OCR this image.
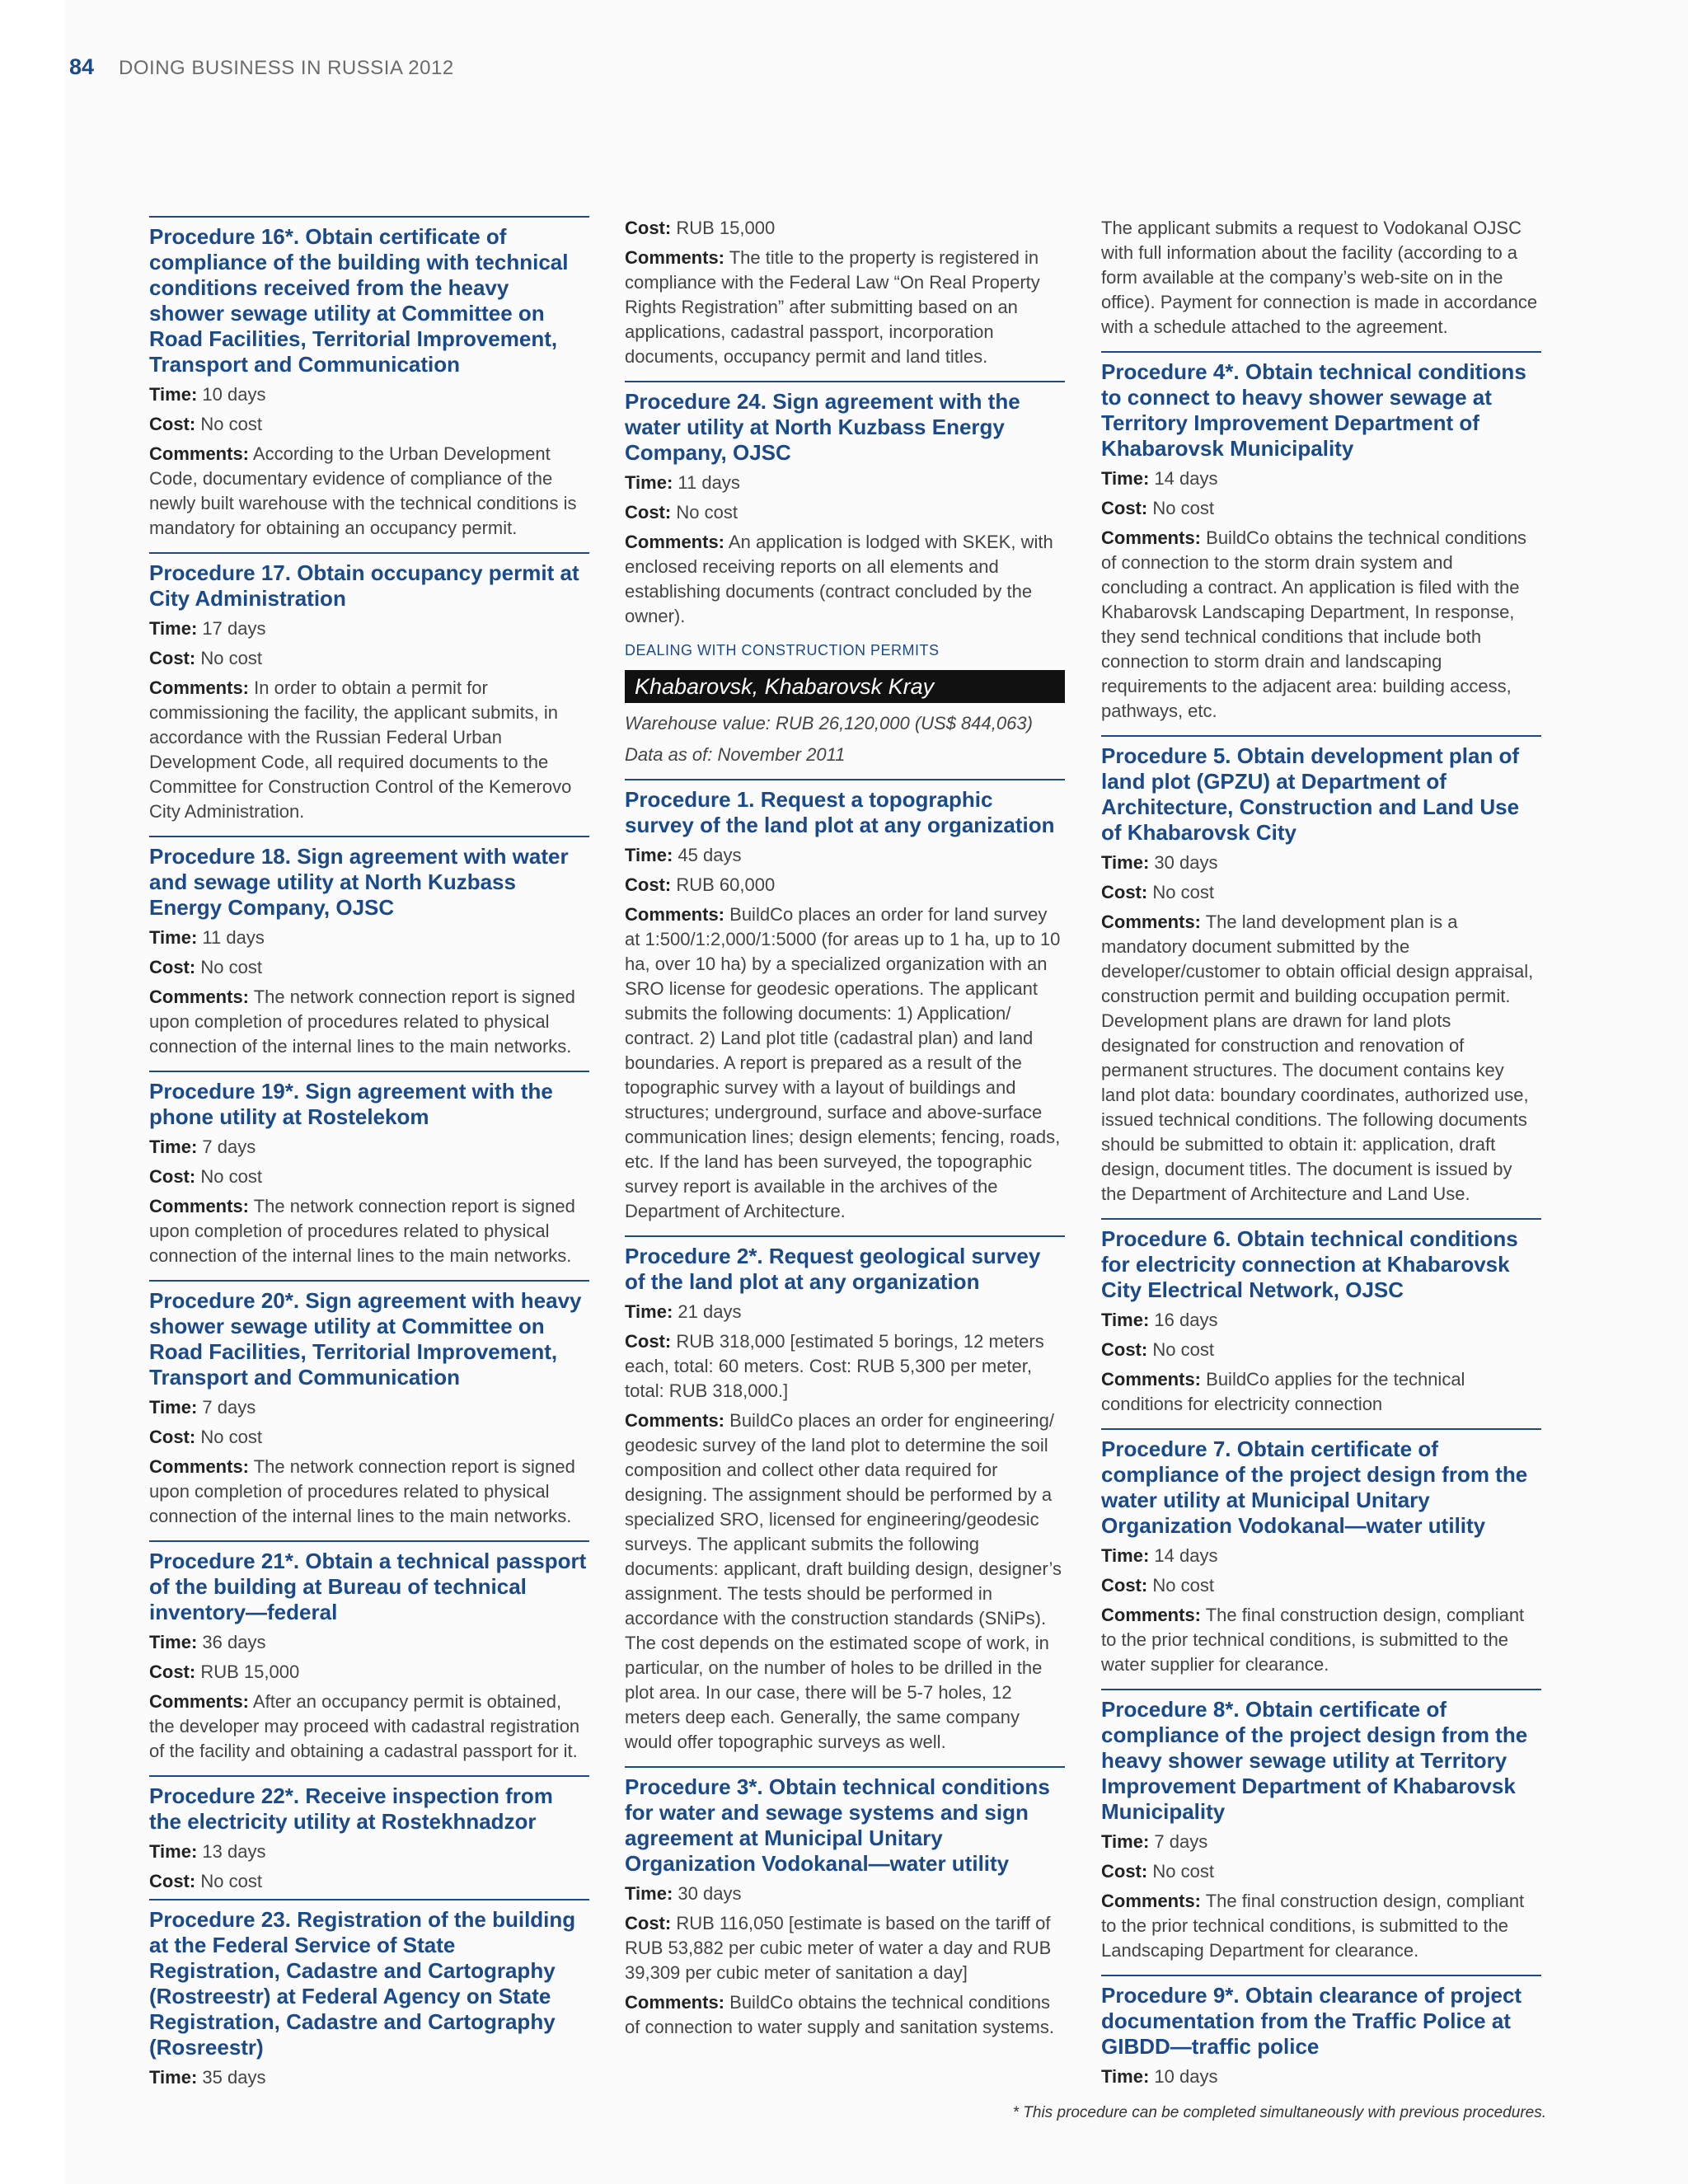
84 DOING BUSINESS IN RUSSIA 2012
Procedure 16*. Obtain certificate of compliance of the building with technical conditions received from the heavy shower sewage utility at Committee on Road Facilities, Territorial Improvement, Transport and Communication

Time: 10 days

Cost: No cost

Comments: According to the Urban Development Code, documentary evidence of compliance of the newly built warehouse with the technical conditions is mandatory for obtaining an occupancy permit.

Procedure 17. Obtain occupancy permit at City Administration

Time: 17 days

Cost: No cost

Comments: In order to obtain a permit for commissioning the facility, the applicant submits, in accordance with the Russian Federal Urban Development Code, all required documents to the Committee for Construction Control of the Kemerovo City Administration.

Procedure 18. Sign agreement with water and sewage utility at North Kuzbass Energy Company, OJSC

Time: 11 days

Cost: No cost

Comments: The network connection report is signed upon completion of procedures related to physical connection of the internal lines to the main networks.

Procedure 19*. Sign agreement with the phone utility at Rostelekom

Time: 7 days

Cost: No cost

Comments: The network connection report is signed upon completion of procedures related to physical connection of the internal lines to the main networks.

Procedure 20*. Sign agreement with heavy shower sewage utility at Committee on Road Facilities, Territorial Improvement, Transport and Communication

Time: 7 days

Cost: No cost

Comments: The network connection report is signed upon completion of procedures related to physical connection of the internal lines to the main networks.

Procedure 21*. Obtain a technical passport of the building at Bureau of technical inventory—federal

Time: 36 days

Cost: RUB 15,000

Comments: After an occupancy permit is obtained, the developer may proceed with cadastral registration of the facility and obtaining a cadastral passport for it.

Procedure 22*. Receive inspection from the electricity utility at Rostekhnadzor

Time: 13 days

Cost: No cost

Procedure 23. Registration of the building at the Federal Service of State Registration, Cadastre and Cartography (Rostreestr) at Federal Agency on State Registration, Cadastre and Cartography (Rosreestr)

Time: 35 days

Cost: RUB 15,000

Comments: The title to the property is registered in compliance with the Federal Law “On Real Property Rights Registration” after submitting based on an applications, cadastral passport, incorporation documents, occupancy permit and land titles.

Procedure 24. Sign agreement with the water utility at North Kuzbass Energy Company, OJSC

Time: 11 days

Cost: No cost

Comments: An application is lodged with SKEK, with enclosed receiving reports on all elements and establishing documents (contract concluded by the owner).

DEALING WITH CONSTRUCTION PERMITS
Khabarovsk, Khabarovsk Kray

Warehouse value: RUB 26,120,000 (US$ 844,063)

Data as of: November 2011

Procedure 1. Request a topographic survey of the land plot at any organization

Time: 45 days

Cost: RUB 60,000

Comments: BuildCo places an order for land survey at 1:500/1:2,000/1:5000 (for areas up to 1 ha, up to 10 ha, over 10 ha) by a specialized organization with an SRO license for geodesic operations. The applicant submits the following documents: 1) Application/ contract. 2) Land plot title (cadastral plan) and land boundaries. A report is prepared as a result of the topographic survey with a layout of buildings and structures; underground, surface and above-surface communication lines; design elements; fencing, roads, etc. If the land has been surveyed, the topographic survey report is available in the archives of the Department of Architecture.

Procedure 2*. Request geological survey of the land plot at any organization

Time: 21 days

Cost: RUB 318,000 [estimated 5 borings, 12 meters each, total: 60 meters. Cost: RUB 5,300 per meter, total: RUB 318,000.]

Comments: BuildCo places an order for engineering/ geodesic survey of the land plot to determine the soil composition and collect other data required for designing. The assignment should be performed by a specialized SRO, licensed for engineering/geodesic surveys. The applicant submits the following documents: applicant, draft building design, designer’s assignment. The tests should be performed in accordance with the construction standards (SNiPs). The cost depends on the estimated scope of work, in particular, on the number of holes to be drilled in the plot area. In our case, there will be 5-7 holes, 12 meters deep each. Generally, the same company would offer topographic surveys as well.

Procedure 3*. Obtain technical conditions for water and sewage systems and sign agreement at Municipal Unitary Organization Vodokanal—water utility

Time: 30 days

Cost: RUB 116,050 [estimate is based on the tariff of RUB 53,882 per cubic meter of water a day and RUB 39,309 per cubic meter of sanitation a day]

Comments: BuildCo obtains the technical conditions of connection to water supply and sanitation systems.

The applicant submits a request to Vodokanal OJSC with full information about the facility (according to a form available at the company’s web-site on in the office). Payment for connection is made in accordance with a schedule attached to the agreement.

Procedure 4*. Obtain technical conditions to connect to heavy shower sewage at Territory Improvement Department of Khabarovsk Municipality

Time: 14 days

Cost: No cost

Comments: BuildCo obtains the technical conditions of connection to the storm drain system and concluding a contract. An application is filed with the Khabarovsk Landscaping Department, In response, they send technical conditions that include both connection to storm drain and landscaping requirements to the adjacent area: building access, pathways, etc.

Procedure 5. Obtain development plan of land plot (GPZU) at Department of Architecture, Construction and Land Use of Khabarovsk City

Time: 30 days

Cost: No cost

Comments: The land development plan is a mandatory document submitted by the developer/customer to obtain official design appraisal, construction permit and building occupation permit. Development plans are drawn for land plots designated for construction and renovation of permanent structures. The document contains key land plot data: boundary coordinates, authorized use, issued technical conditions. The following documents should be submitted to obtain it: application, draft design, document titles. The document is issued by the Department of Architecture and Land Use.

Procedure 6. Obtain technical conditions for electricity connection at Khabarovsk City Electrical Network, OJSC

Time: 16 days

Cost: No cost

Comments: BuildCo applies for the technical conditions for electricity connection

Procedure 7. Obtain certificate of compliance of the project design from the water utility at Municipal Unitary Organization Vodokanal—water utility

Time: 14 days

Cost: No cost

Comments: The final construction design, compliant to the prior technical conditions, is submitted to the water supplier for clearance.

Procedure 8*. Obtain certificate of compliance of the project design from the heavy shower sewage utility at Territory Improvement Department of Khabarovsk Municipality

Time: 7 days

Cost: No cost

Comments: The final construction design, compliant to the prior technical conditions, is submitted to the Landscaping Department for clearance.

Procedure 9*. Obtain clearance of project documentation from the Traffic Police at GIBDD—traffic police

Time: 10 days

* This procedure can be completed simultaneously with previous procedures.
